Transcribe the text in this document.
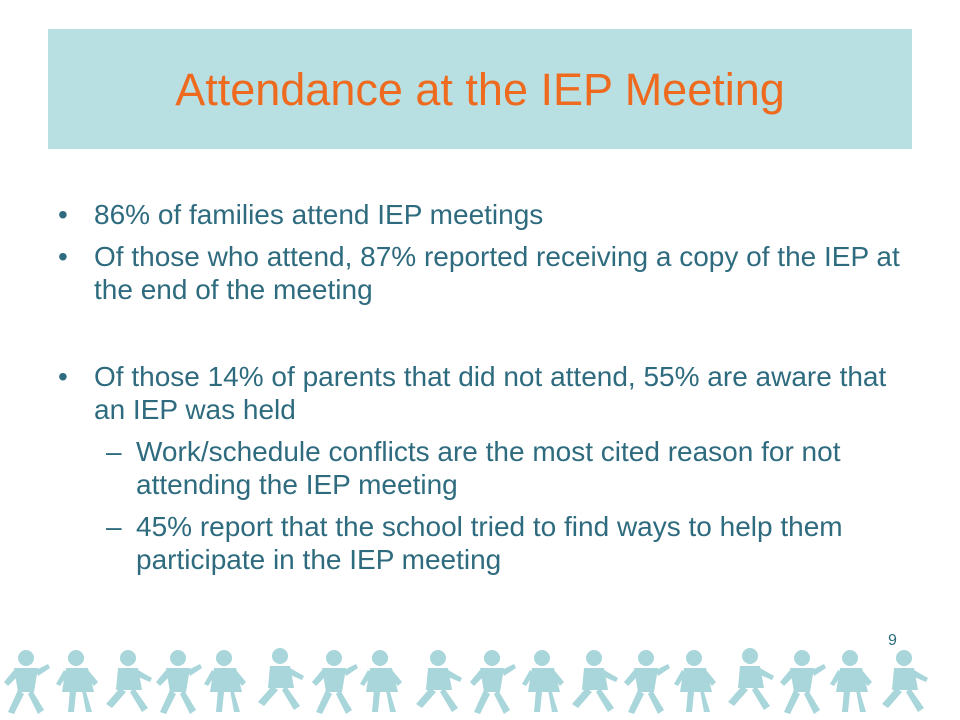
Attendance at the IEP Meeting
• 86% of families attend IEP meetings
• Of those who attend, 87% reported receiving a copy of the IEP at the end of the meeting
• Of those 14% of parents that did not attend, 55% are aware that an IEP was held
– Work/schedule conflicts are the most cited reason for not attending the IEP meeting
– 45% report that the school tried to find ways to help them participate in the IEP meeting
9
